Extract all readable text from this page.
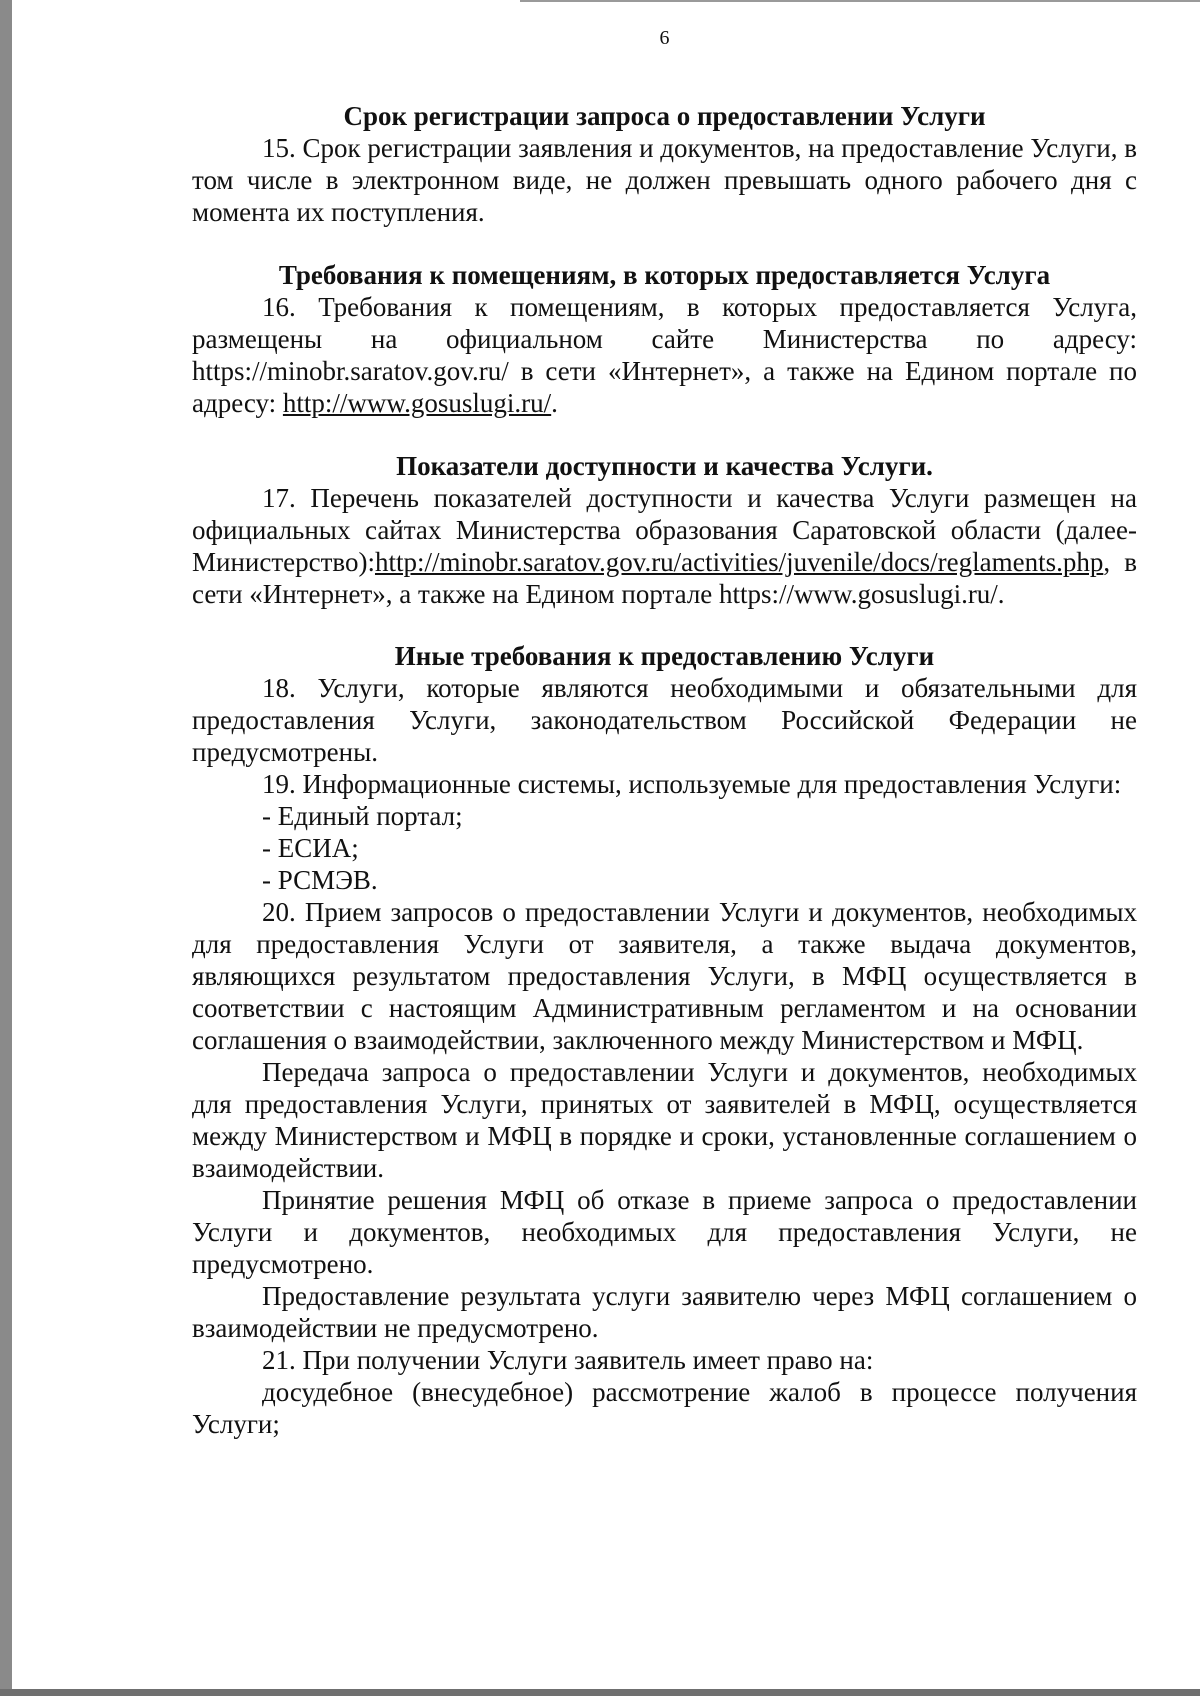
6
Срок регистрации запроса о предоставлении Услуги

15. Срок регистрации заявления и документов, на предоставление Услуги, в том числе в электронном виде, не должен превышать одного рабочего дня с момента их поступления.

Требования к помещениям, в которых предоставляется Услуга

16. Требования к помещениям, в которых предоставляется Услуга, размещены на официальном сайте Министерства по адресу: https://minobr.saratov.gov.ru/ в сети «Интернет», а также на Едином портале по адресу: http://www.gosuslugi.ru/.

Показатели доступности и качества Услуги.

17. Перечень показателей доступности и качества Услуги размещен на официальных сайтах Министерства образования Саратовской области (далее-Министерство):http://minobr.saratov.gov.ru/activities/juvenile/docs/reglaments.php, в сети «Интернет», а также на Едином портале https://www.gosuslugi.ru/.

Иные требования к предоставлению Услуги

18. Услуги, которые являются необходимыми и обязательными для предоставления Услуги, законодательством Российской Федерации не предусмотрены.

19. Информационные системы, используемые для предоставления Услуги:

- Единый портал;

- ЕСИА;

- РСМЭВ.

20. Прием запросов о предоставлении Услуги и документов, необходимых для предоставления Услуги от заявителя, а также выдача документов, являющихся результатом предоставления Услуги, в МФЦ осуществляется в соответствии с настоящим Административным регламентом и на основании соглашения о взаимодействии, заключенного между Министерством и МФЦ.

Передача запроса о предоставлении Услуги и документов, необходимых для предоставления Услуги, принятых от заявителей в МФЦ, осуществляется между Министерством и МФЦ в порядке и сроки, установленные соглашением о взаимодействии.

Принятие решения МФЦ об отказе в приеме запроса о предоставлении Услуги и документов, необходимых для предоставления Услуги, не предусмотрено.

Предоставление результата услуги заявителю через МФЦ соглашением о взаимодействии не предусмотрено.

21. При получении Услуги заявитель имеет право на:

досудебное (внесудебное) рассмотрение жалоб в процессе получения Услуги;
